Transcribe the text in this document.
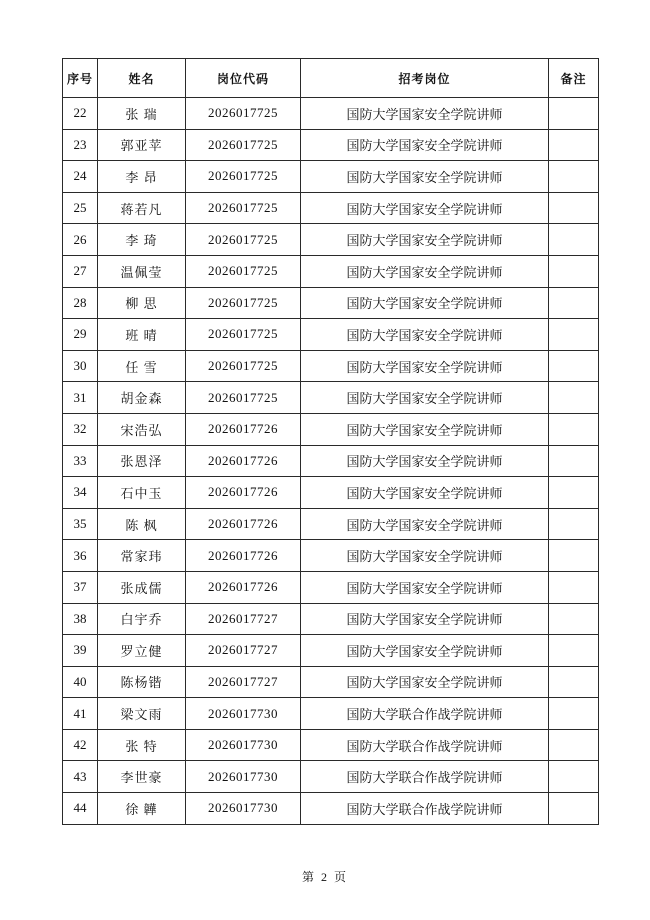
序号	姓名	岗位代码	招考岗位	备注
22	张 瑞	2026017725	国防大学国家安全学院讲师	
23	郭亚苹	2026017725	国防大学国家安全学院讲师	
24	李 昂	2026017725	国防大学国家安全学院讲师	
25	蒋若凡	2026017725	国防大学国家安全学院讲师	
26	李 琦	2026017725	国防大学国家安全学院讲师	
27	温佩莹	2026017725	国防大学国家安全学院讲师	
28	柳 思	2026017725	国防大学国家安全学院讲师	
29	班 晴	2026017725	国防大学国家安全学院讲师	
30	任 雪	2026017725	国防大学国家安全学院讲师	
31	胡金森	2026017725	国防大学国家安全学院讲师	
32	宋浩弘	2026017726	国防大学国家安全学院讲师	
33	张恩泽	2026017726	国防大学国家安全学院讲师	
34	石中玉	2026017726	国防大学国家安全学院讲师	
35	陈 枫	2026017726	国防大学国家安全学院讲师	
36	常家玮	2026017726	国防大学国家安全学院讲师	
37	张成儒	2026017726	国防大学国家安全学院讲师	
38	白宇乔	2026017727	国防大学国家安全学院讲师	
39	罗立健	2026017727	国防大学国家安全学院讲师	
40	陈杨锴	2026017727	国防大学国家安全学院讲师	
41	梁文雨	2026017730	国防大学联合作战学院讲师	
42	张 特	2026017730	国防大学联合作战学院讲师	
43	李世豪	2026017730	国防大学联合作战学院讲师	
44	徐 韡	2026017730	国防大学联合作战学院讲师	
第 2 页
